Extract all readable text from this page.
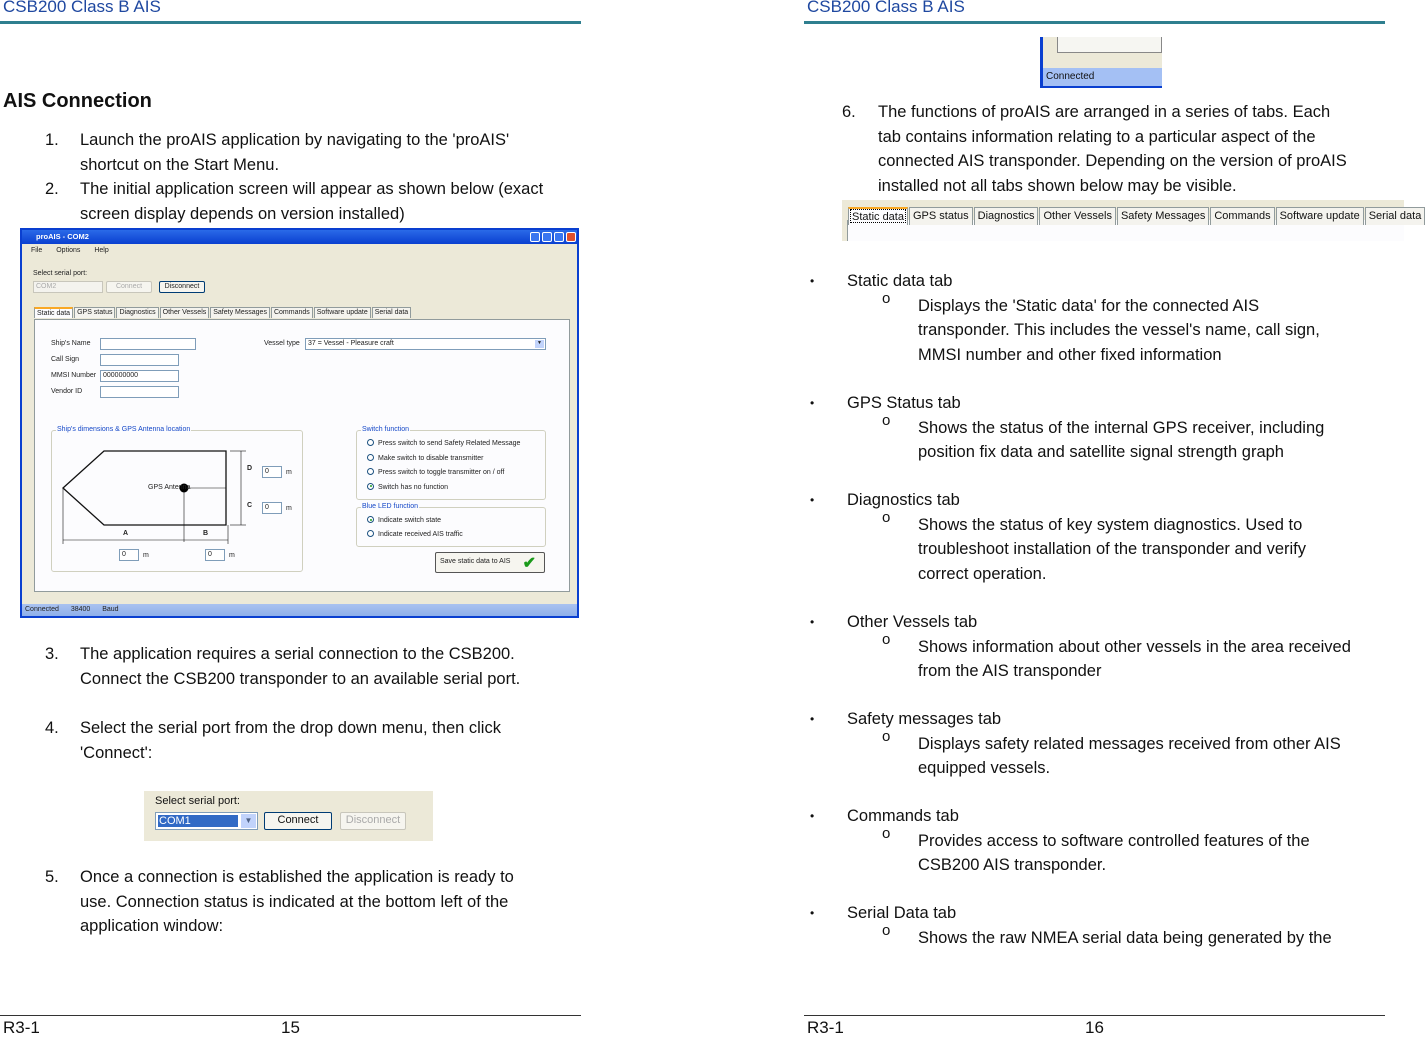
CSB200 Class B AIS
AIS Connection
1. Launch the proAIS application by navigating to the 'proAIS'
shortcut on the Start Menu.
2. The initial application screen will appear as shown below (exact
screen display depends on version installed)
proAIS - COM2
File Options Help
Select serial port:
COM2	Connect	Disconnect
Static data	GPS status	Diagnostics	Other Vessels	Safety Messages	Commands	Software update	Serial data
Ship's Name
Call Sign
MMSI Number 000000000
Vendor ID
Vessel type	37 = Vessel - Pleasure craft	▼
Ship's dimensions & GPS Antenna location	Switch function
Press switch to send Safety Related Message
Make switch to disable transmitter
Press switch to toggle transmitter on / off
Switch has no function
Blue LED function
Indicate switch state
Indicate received AIS traffic
Save static data to AIS ✔
GPS Antenna
D
C
A	B
0	m
0	m
0	m	0	m
Connected 38400 Baud
3. The application requires a serial connection to the CSB200.
Connect the CSB200 transponder to an available serial port.
4. Select the serial port from the drop down menu, then click
'Connect':
5. Once a connection is established the application is ready to
use. Connection status is indicated at the bottom left of the
application window:
Select serial port:
COM1	▼	Connect	Disconnect
R3-1	15
CSB200 Class B AIS
Connected
6. The functions of proAIS are arranged in a series of tabs. Each
tab contains information relating to a particular aspect of the
connected AIS transponder. Depending on the version of proAIS
installed not all tabs shown below may be visible.
Static data GPS status Diagnostics Other Vessels Safety Messages Commands Software update Serial data
• Static data tab
o Displays the 'Static data' for the connected AIS
transponder. This includes the vessel's name, call sign,
MMSI number and other fixed information
• GPS Status tab
o Shows the status of the internal GPS receiver, including
position fix data and satellite signal strength graph
• Diagnostics tab
o Shows the status of key system diagnostics. Used to
troubleshoot installation of the transponder and verify
correct operation.
• Other Vessels tab
o Shows information about other vessels in the area received
from the AIS transponder
• Safety messages tab
o Displays safety related messages received from other AIS
equipped vessels.
• Commands tab
o Provides access to software controlled features of the
CSB200 AIS transponder.
• Serial Data tab
o Shows the raw NMEA serial data being generated by the
R3-1	16
